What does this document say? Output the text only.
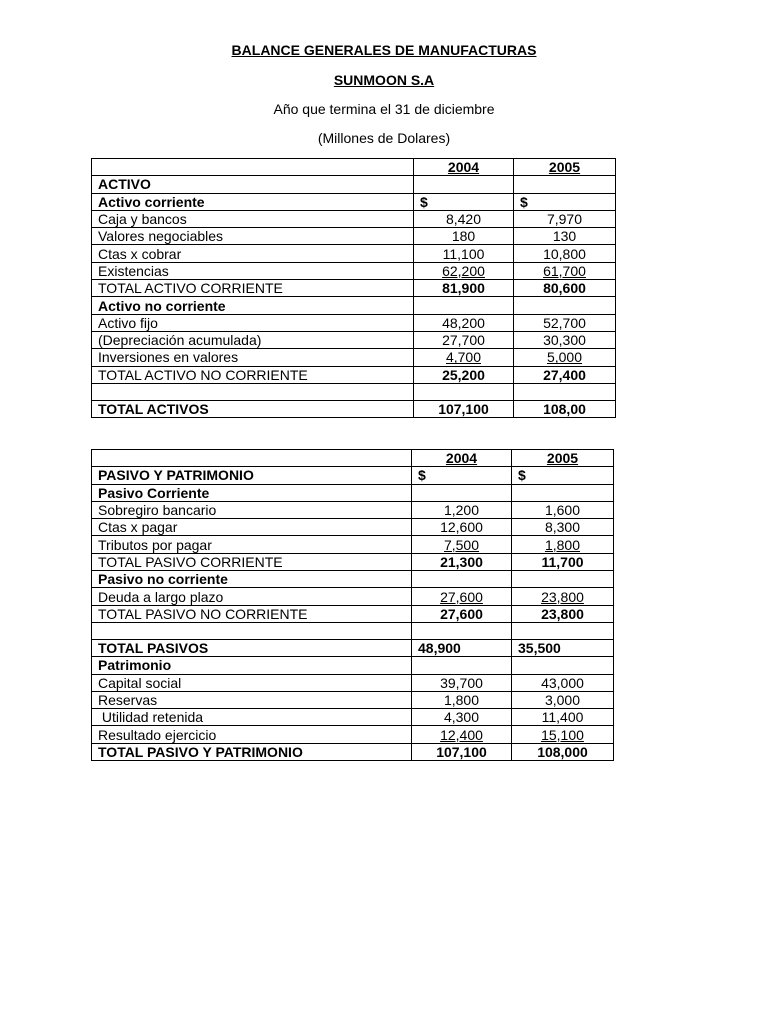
BALANCE GENERALES DE MANUFACTURAS
SUNMOON S.A
Año que termina el 31 de diciembre
(Millones de Dolares)
	2004	2005
ACTIVO		
Activo corriente	$	$
Caja y bancos	8,420	7,970
Valores negociables	180	130
Ctas x cobrar	11,100	10,800
Existencias	62,200	61,700
TOTAL ACTIVO CORRIENTE	81,900	80,600
Activo no corriente		
Activo fijo	48,200	52,700
(Depreciación acumulada)	27,700	30,300
Inversiones en valores	4,700	5,000
TOTAL ACTIVO NO CORRIENTE	25,200	27,400

TOTAL ACTIVOS	107,100	108,00
	2004	2005
PASIVO Y PATRIMONIO	$	$
Pasivo Corriente		
Sobregiro bancario	1,200	1,600
Ctas x pagar	12,600	8,300
Tributos por pagar	7,500	1,800
TOTAL PASIVO CORRIENTE	21,300	11,700
Pasivo no corriente		
Deuda a largo plazo	27,600	23,800
TOTAL PASIVO NO CORRIENTE	27,600	23,800

TOTAL PASIVOS	48,900	35,500
Patrimonio		
Capital social	39,700	43,000
Reservas	1,800	3,000
Utilidad retenida	4,300	11,400
Resultado ejercicio	12,400	15,100
TOTAL PASIVO Y PATRIMONIO	107,100	108,000
